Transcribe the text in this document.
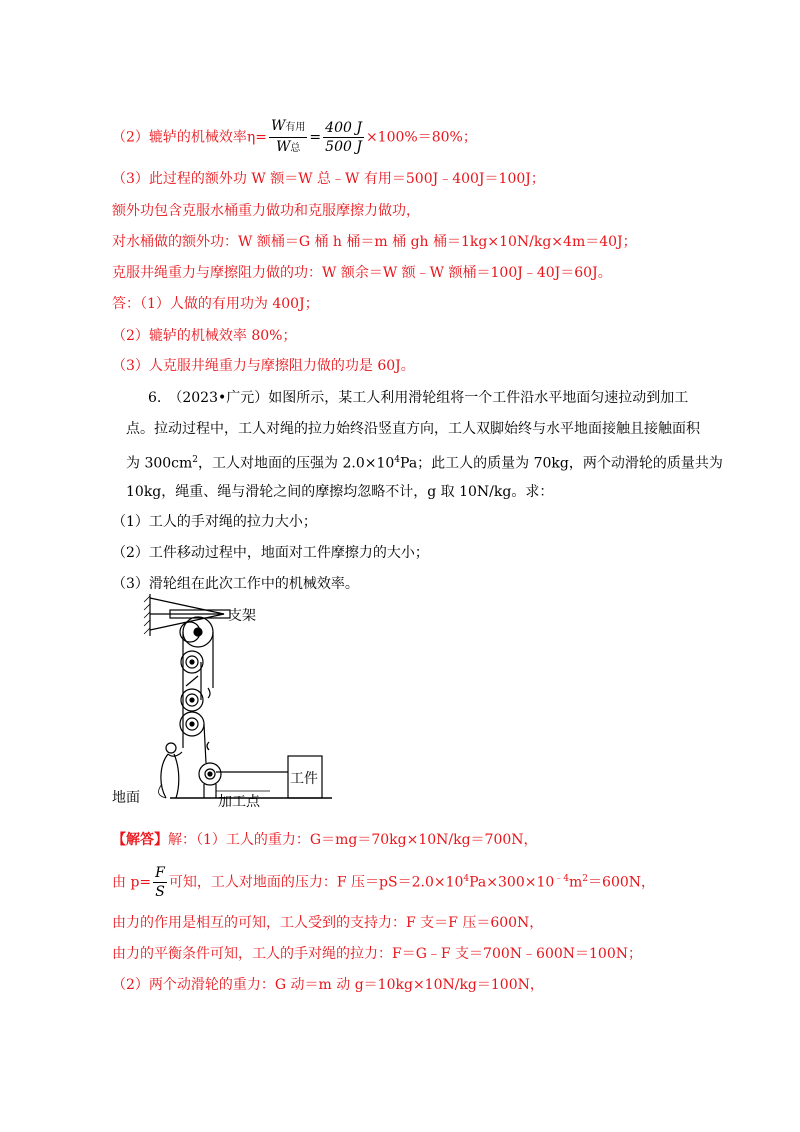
（2）辘轳的机械效率$\eta= \frac{\text{W有用}}{\text{W总}} = \frac{400 J}{500 J} \times 100\%=80\%$；
（3）此过程的额外功 W 额＝W 总﹣W 有用＝500J﹣400J＝100J；
额外功包含克服水桶重力做功和克服摩擦力做功，
对水桶做的额外功：W 额桶＝G 桶 h 桶＝m 桶 gh 桶＝1kg×10N/kg×4m＝40J；
克服井绳重力与摩擦阻力做的功：W 额余＝W 额﹣W 额桶＝100J﹣40J＝60J。
答：（1）人做的有用功为 400J；
（2）辘轳的机械效率 80%；
（3）人克服井绳重力与摩擦阻力做的功是 60J。
6.　（2023•广元）如图所示，某工人利用滑轮组将一个工件沿水平地面匀速拉动到加工
点。拉动过程中，工人对绳的拉力始终沿竖直方向，工人双脚始终与水平地面接触且接触面积
为 $300cm^2$，工人对地面的压强为 $2.0\times 10^4Pa$；此工人的质量为 70kg，两个动滑轮的质量共为
10kg，绳重、绳与滑轮之间的摩擦均忽略不计，g 取 10N/kg。求：
（1）工人的手对绳的拉力大小；
（2）工件移动过程中，地面对工件摩擦力的大小；
（3）滑轮组在此次工作中的机械效率。
支架
地面	加工点
工件
【解答】解：（1）工人的重力：G＝mg＝70kg×10N/kg＝700N，
由 $p= \frac{F}{S}$ 可知，工人对地面的压力：F 压$=pS=2.0\times 10^4Pa\times 300\times 10^{﹣4}m^2=600N$，
由力的作用是相互的可知，工人受到的支持力：F 支＝F 压＝600N，
由力的平衡条件可知，工人的手对绳的拉力：F＝G﹣F 支＝700N﹣600N＝100N；
（2）两个动滑轮的重力：G 动＝m 动 g＝10kg×10N/kg＝100N，
